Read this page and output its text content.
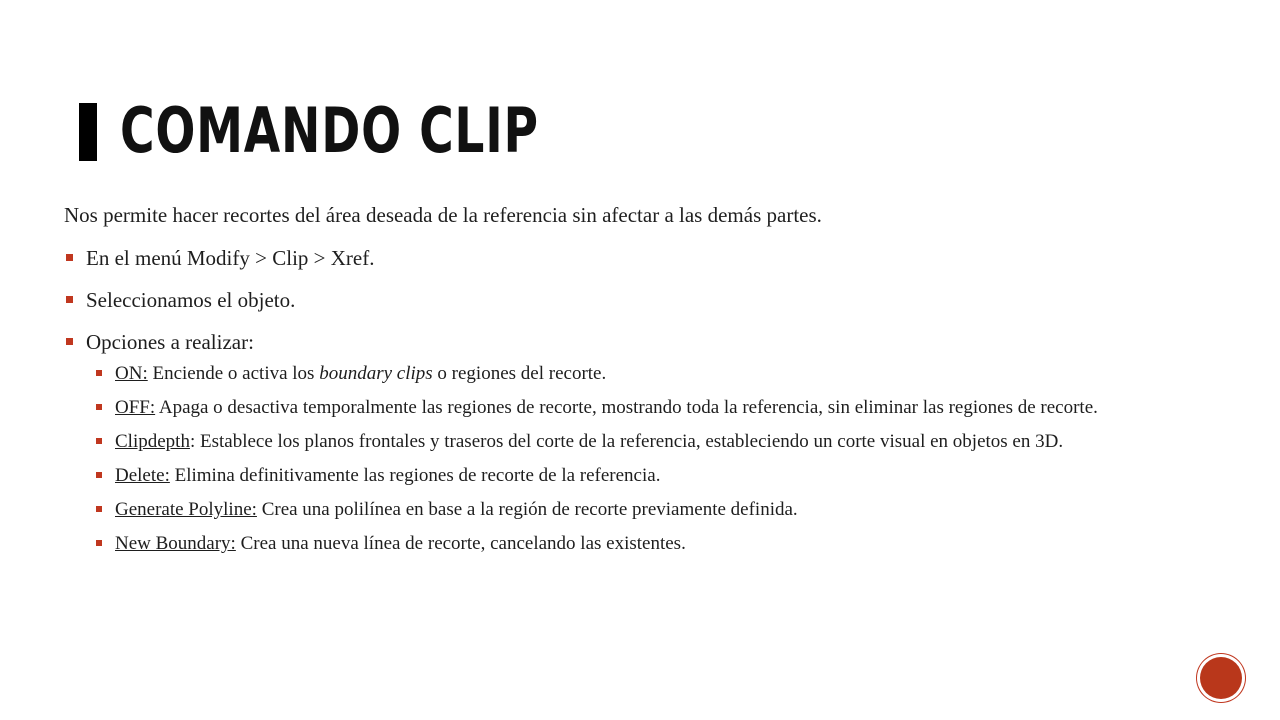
COMANDO CLIP

Nos permite hacer recortes del área deseada de la referencia sin afectar a las demás partes.

En el menú Modify > Clip > Xref.
Seleccionamos el objeto.
Opciones a realizar:
ON: Enciende o activa los boundary clips o regiones del recorte.
OFF: Apaga o desactiva temporalmente las regiones de recorte, mostrando toda la referencia, sin eliminar las regiones de recorte.
Clipdepth: Establece los planos frontales y traseros del corte de la referencia, estableciendo un corte visual en objetos en 3D.
Delete: Elimina definitivamente las regiones de recorte de la referencia.
Generate Polyline: Crea una polilínea en base a la región de recorte previamente definida.
New Boundary: Crea una nueva línea de recorte, cancelando las existentes.
